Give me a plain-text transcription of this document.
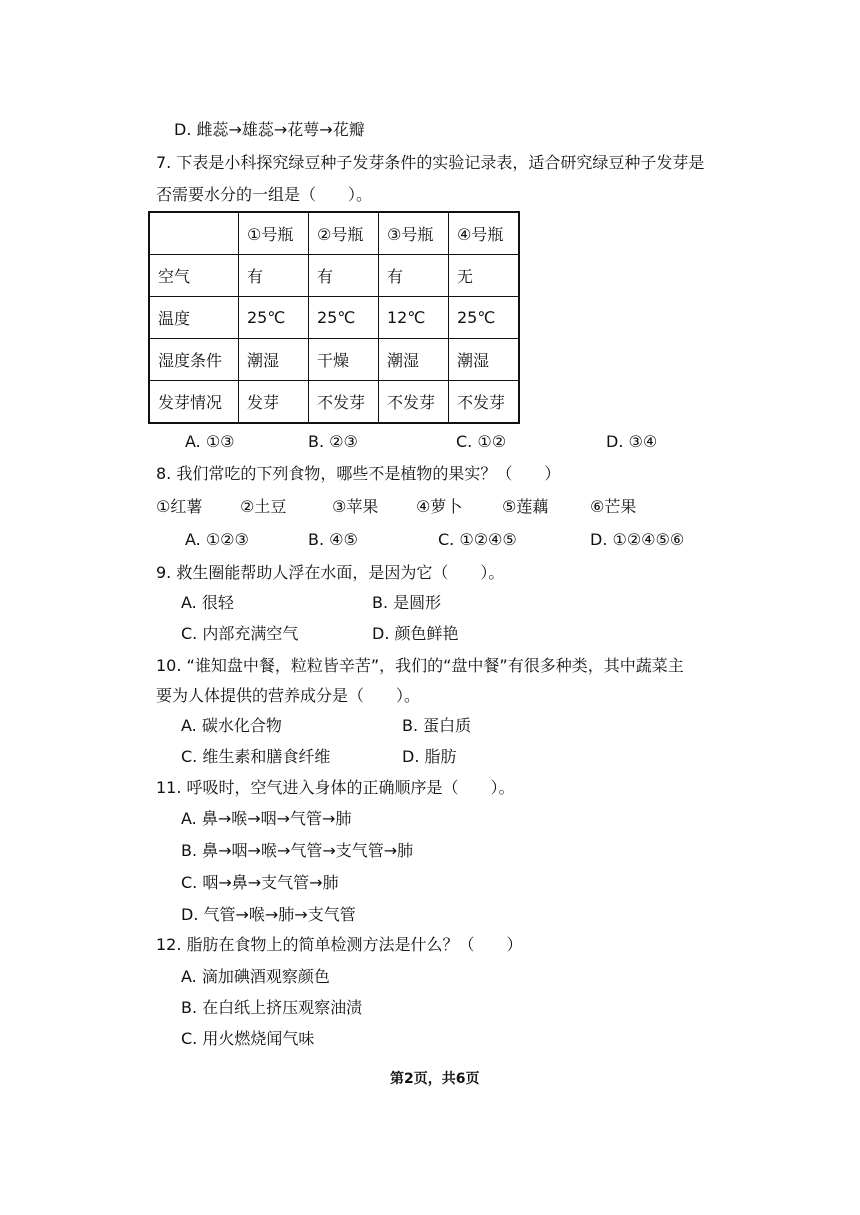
D. 雌蕊→雄蕊→花萼→花瓣
7. 下表是小科探究绿豆种子发芽条件的实验记录表，适合研究绿豆种子发芽是
否需要水分的一组是（　　）。
	①号瓶	②号瓶	③号瓶	④号瓶
空气	有	有	有	无
温度	25℃	25℃	12℃	25℃
湿度条件	潮湿	干燥	潮湿	潮湿
发芽情况	发芽	不发芽	不发芽	不发芽
A. ①③	B. ②③	C. ①②	D. ③④
8. 我们常吃的下列食物，哪些不是植物的果实？（　　）
①红薯 ②土豆	③苹果 ④萝卜 ⑤莲藕	⑥芒果
A. ①②③	B. ④⑤	C. ①②④⑤	D. ①②④⑤⑥
9. 救生圈能帮助人浮在水面，是因为它（　　）。
A. 很轻	B. 是圆形
C. 内部充满空气	D. 颜色鲜艳
10. “谁知盘中餐，粒粒皆辛苦”，我们的“盘中餐”有很多种类，其中蔬菜主
要为人体提供的营养成分是（　　）。
A. 碳水化合物	B. 蛋白质
C. 维生素和膳食纤维	D. 脂肪
11. 呼吸时，空气进入身体的正确顺序是（　　）。
A. 鼻→喉→咽→气管→肺
B. 鼻→咽→喉→气管→支气管→肺
C. 咽→鼻→支气管→肺
D. 气管→喉→肺→支气管
12. 脂肪在食物上的简单检测方法是什么？（　　）
A. 滴加碘酒观察颜色
B. 在白纸上挤压观察油渍
C. 用火燃烧闻气味
第2页，共6页
